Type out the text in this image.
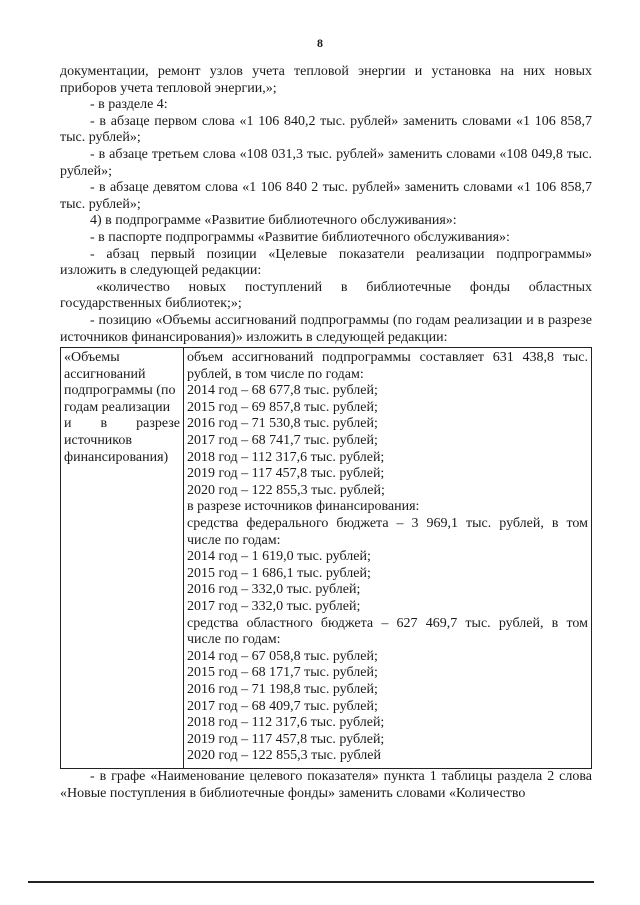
8

документации, ремонт узлов учета тепловой энергии и установка на них новых приборов учета тепловой энергии,»;

- в разделе 4:

- в абзаце первом слова «1 106 840,2 тыс. рублей» заменить словами «1 106 858,7 тыс. рублей»;

- в абзаце третьем слова «108 031,3 тыс. рублей» заменить словами «108 049,8 тыс. рублей»;

- в абзаце девятом слова «1 106 840 2 тыс. рублей» заменить словами «1 106 858,7 тыс. рублей»;

4) в подпрограмме «Развитие библиотечного обслуживания»:

- в паспорте подпрограммы «Развитие библиотечного обслуживания»:

- абзац первый позиции «Целевые показатели реализации подпрограммы» изложить в следующей редакции:

«количество новых поступлений в библиотечные фонды областных государственных библиотек;»;

- позицию «Объемы ассигнований подпрограммы (по годам реализации и в разрезе источников финансирования)» изложить в следующей редакции:

«Объемы
ассигнований
подпрограммы (по
годам реализации
и в разрезе
источников
финансирования)

объем ассигнований подпрограммы составляет 631 438,8 тыс.
рублей, в том числе по годам:
2014 год – 68 677,8 тыс. рублей;
2015 год – 69 857,8 тыс. рублей;
2016 год – 71 530,8 тыс. рублей;
2017 год – 68 741,7 тыс. рублей;
2018 год – 112 317,6 тыс. рублей;
2019 год – 117 457,8 тыс. рублей;
2020 год – 122 855,3 тыс. рублей;
в разрезе источников финансирования:
средства федерального бюджета – 3 969,1 тыс. рублей, в том
числе по годам:
2014 год – 1 619,0 тыс. рублей;
2015 год – 1 686,1 тыс. рублей;
2016 год – 332,0 тыс. рублей;
2017 год – 332,0 тыс. рублей;
средства областного бюджета – 627 469,7 тыс. рублей, в том
числе по годам:
2014 год – 67 058,8 тыс. рублей;
2015 год – 68 171,7 тыс. рублей;
2016 год – 71 198,8 тыс. рублей;
2017 год – 68 409,7 тыс. рублей;
2018 год – 112 317,6 тыс. рублей;
2019 год – 117 457,8 тыс. рублей;
2020 год – 122 855,3 тыс. рублей

- в графе «Наименование целевого показателя» пункта 1 таблицы раздела 2 слова «Новые поступления в библиотечные фонды» заменить словами «Количество
